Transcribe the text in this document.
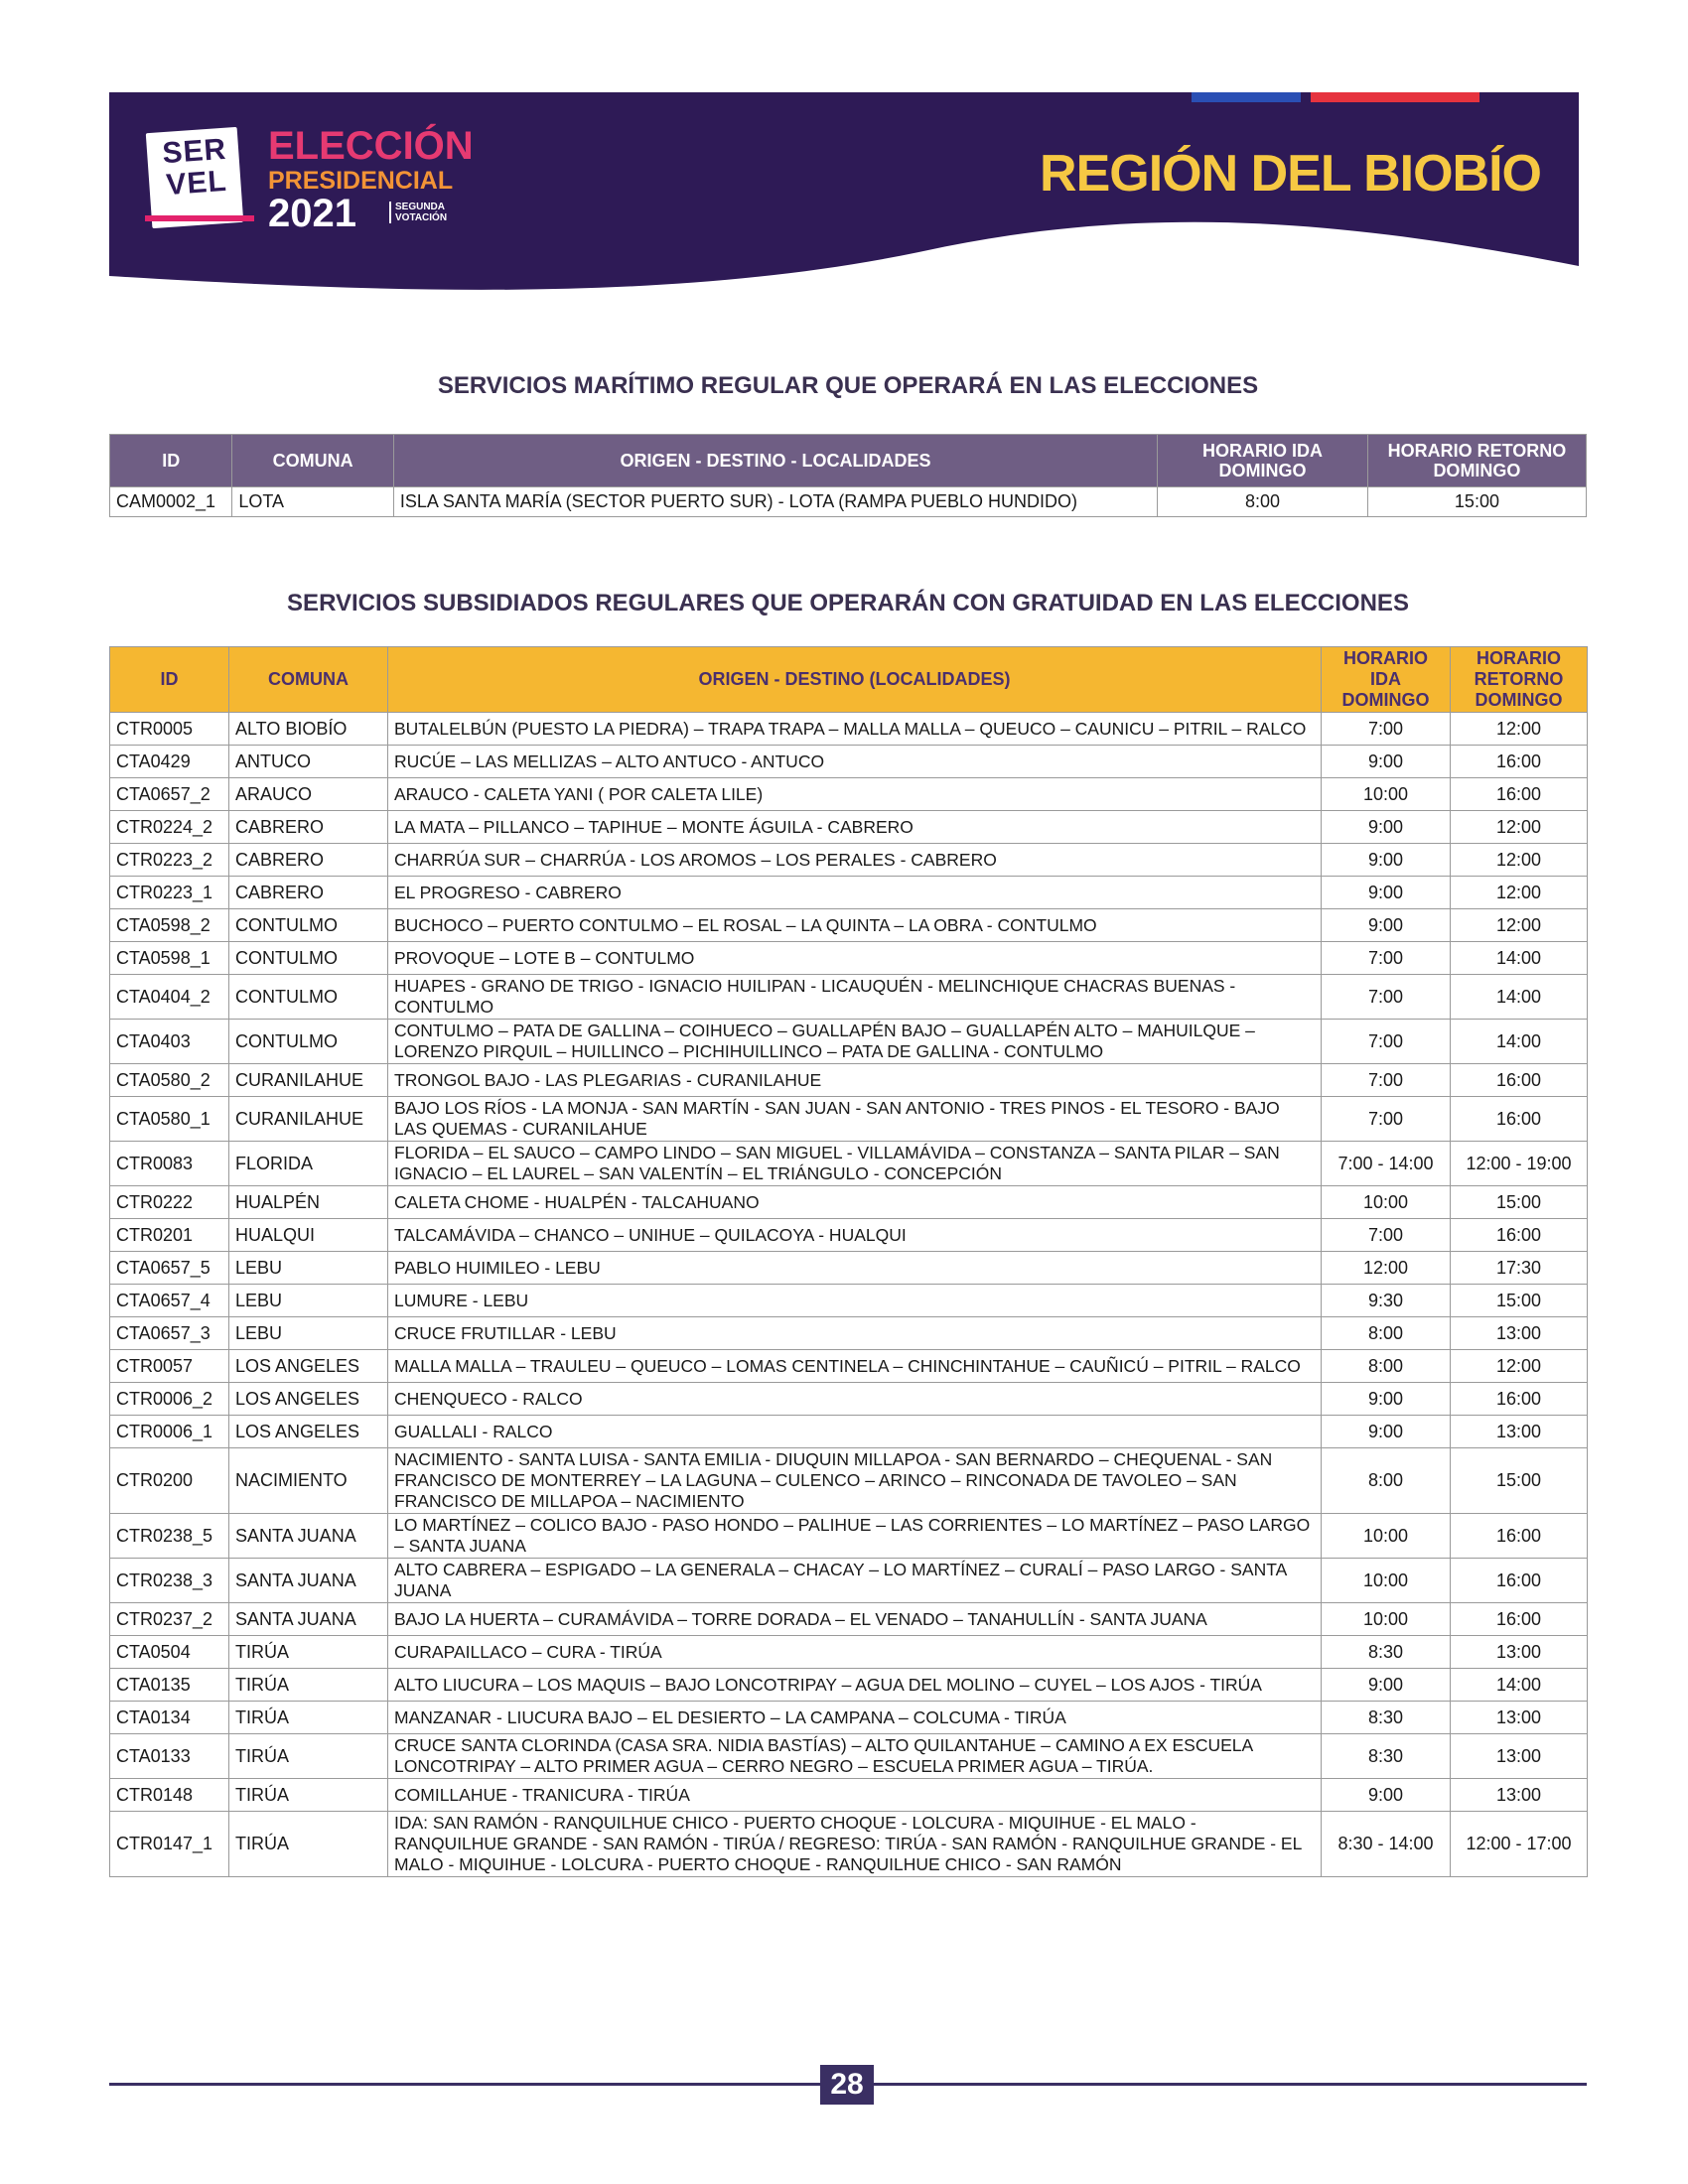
SER
VEL
ELECCIÓN
PRESIDENCIAL
2021	SEGUNDA
VOTACIÓN
REGIÓN DEL BIOBÍO
SERVICIOS MARÍTIMO REGULAR QUE OPERARÁ EN LAS ELECCIONES
ID	COMUNA	ORIGEN - DESTINO - LOCALIDADES	HORARIO IDA DOMINGO	HORARIO RETORNO DOMINGO
CAM0002_1	LOTA	ISLA SANTA MARÍA (SECTOR PUERTO SUR) - LOTA (RAMPA PUEBLO HUNDIDO)	8:00	15:00
SERVICIOS SUBSIDIADOS REGULARES QUE OPERARÁN CON GRATUIDAD EN LAS ELECCIONES
ID	COMUNA	ORIGEN - DESTINO (LOCALIDADES)	HORARIO IDA DOMINGO	HORARIO RETORNO DOMINGO
CTR0005	ALTO BIOBÍO	BUTALELBÚN (PUESTO LA PIEDRA) – TRAPA TRAPA – MALLA MALLA – QUEUCO – CAUNICU – PITRIL – RALCO	7:00	12:00
CTA0429	ANTUCO	RUCÚE – LAS MELLIZAS – ALTO ANTUCO - ANTUCO	9:00	16:00
CTA0657_2	ARAUCO	ARAUCO - CALETA YANI ( POR CALETA LILE)	10:00	16:00
CTR0224_2	CABRERO	LA MATA – PILLANCO – TAPIHUE – MONTE ÁGUILA - CABRERO	9:00	12:00
CTR0223_2	CABRERO	CHARRÚA SUR – CHARRÚA - LOS AROMOS – LOS PERALES - CABRERO	9:00	12:00
CTR0223_1	CABRERO	EL PROGRESO - CABRERO	9:00	12:00
CTA0598_2	CONTULMO	BUCHOCO – PUERTO CONTULMO – EL ROSAL – LA QUINTA – LA OBRA - CONTULMO	9:00	12:00
CTA0598_1	CONTULMO	PROVOQUE – LOTE B – CONTULMO	7:00	14:00
CTA0404_2	CONTULMO	HUAPES - GRANO DE TRIGO - IGNACIO HUILIPAN - LICAUQUÉN - MELINCHIQUE CHACRAS BUENAS - CONTULMO	7:00	14:00
CTA0403	CONTULMO	CONTULMO – PATA DE GALLINA – COIHUECO – GUALLAPÉN BAJO – GUALLAPÉN ALTO – MAHUILQUE – LORENZO PIRQUIL – HUILLINCO – PICHIHUILLINCO – PATA DE GALLINA - CONTULMO	7:00	14:00
CTA0580_2	CURANILAHUE	TRONGOL BAJO - LAS PLEGARIAS - CURANILAHUE	7:00	16:00
CTA0580_1	CURANILAHUE	BAJO LOS RÍOS - LA MONJA - SAN MARTÍN - SAN JUAN - SAN ANTONIO - TRES PINOS - EL TESORO - BAJO LAS QUEMAS - CURANILAHUE	7:00	16:00
CTR0083	FLORIDA	FLORIDA – EL SAUCO – CAMPO LINDO – SAN MIGUEL - VILLAMÁVIDA – CONSTANZA – SANTA PILAR – SAN IGNACIO – EL LAUREL – SAN VALENTÍN – EL TRIÁNGULO - CONCEPCIÓN	7:00 - 14:00	12:00 - 19:00
CTR0222	HUALPÉN	CALETA CHOME - HUALPÉN - TALCAHUANO	10:00	15:00
CTR0201	HUALQUI	TALCAMÁVIDA – CHANCO – UNIHUE – QUILACOYA - HUALQUI	7:00	16:00
CTA0657_5	LEBU	PABLO HUIMILEO - LEBU	12:00	17:30
CTA0657_4	LEBU	LUMURE - LEBU	9:30	15:00
CTA0657_3	LEBU	CRUCE FRUTILLAR - LEBU	8:00	13:00
CTR0057	LOS ANGELES	MALLA MALLA – TRAULEU – QUEUCO – LOMAS CENTINELA – CHINCHINTAHUE – CAUÑICÚ – PITRIL – RALCO	8:00	12:00
CTR0006_2	LOS ANGELES	CHENQUECO - RALCO	9:00	16:00
CTR0006_1	LOS ANGELES	GUALLALI - RALCO	9:00	13:00
CTR0200	NACIMIENTO	NACIMIENTO - SANTA LUISA - SANTA EMILIA - DIUQUIN MILLAPOA - SAN BERNARDO – CHEQUENAL - SAN FRANCISCO DE MONTERREY – LA LAGUNA – CULENCO – ARINCO – RINCONADA DE TAVOLEO – SAN FRANCISCO DE MILLAPOA – NACIMIENTO	8:00	15:00
CTR0238_5	SANTA JUANA	LO MARTÍNEZ – COLICO BAJO - PASO HONDO – PALIHUE – LAS CORRIENTES – LO MARTÍNEZ – PASO LARGO – SANTA JUANA	10:00	16:00
CTR0238_3	SANTA JUANA	ALTO CABRERA – ESPIGADO – LA GENERALA – CHACAY – LO MARTÍNEZ – CURALÍ – PASO LARGO - SANTA JUANA	10:00	16:00
CTR0237_2	SANTA JUANA	BAJO LA HUERTA – CURAMÁVIDA – TORRE DORADA – EL VENADO – TANAHULLÍN - SANTA JUANA	10:00	16:00
CTA0504	TIRÚA	CURAPAILLACO – CURA - TIRÚA	8:30	13:00
CTA0135	TIRÚA	ALTO LIUCURA – LOS MAQUIS – BAJO LONCOTRIPAY – AGUA DEL MOLINO – CUYEL – LOS AJOS - TIRÚA	9:00	14:00
CTA0134	TIRÚA	MANZANAR - LIUCURA BAJO – EL DESIERTO – LA CAMPANA – COLCUMA - TIRÚA	8:30	13:00
CTA0133	TIRÚA	CRUCE SANTA CLORINDA (CASA SRA. NIDIA BASTÍAS) – ALTO QUILANTAHUE – CAMINO A EX ESCUELA LONCOTRIPAY – ALTO PRIMER AGUA – CERRO NEGRO – ESCUELA PRIMER AGUA – TIRÚA.	8:30	13:00
CTR0148	TIRÚA	COMILLAHUE - TRANICURA - TIRÚA	9:00	13:00
CTR0147_1	TIRÚA	IDA: SAN RAMÓN - RANQUILHUE CHICO - PUERTO CHOQUE - LOLCURA - MIQUIHUE - EL MALO - RANQUILHUE GRANDE - SAN RAMÓN - TIRÚA / REGRESO: TIRÚA - SAN RAMÓN - RANQUILHUE GRANDE - EL MALO - MIQUIHUE - LOLCURA - PUERTO CHOQUE - RANQUILHUE CHICO - SAN RAMÓN	8:30 - 14:00	12:00 - 17:00
28
